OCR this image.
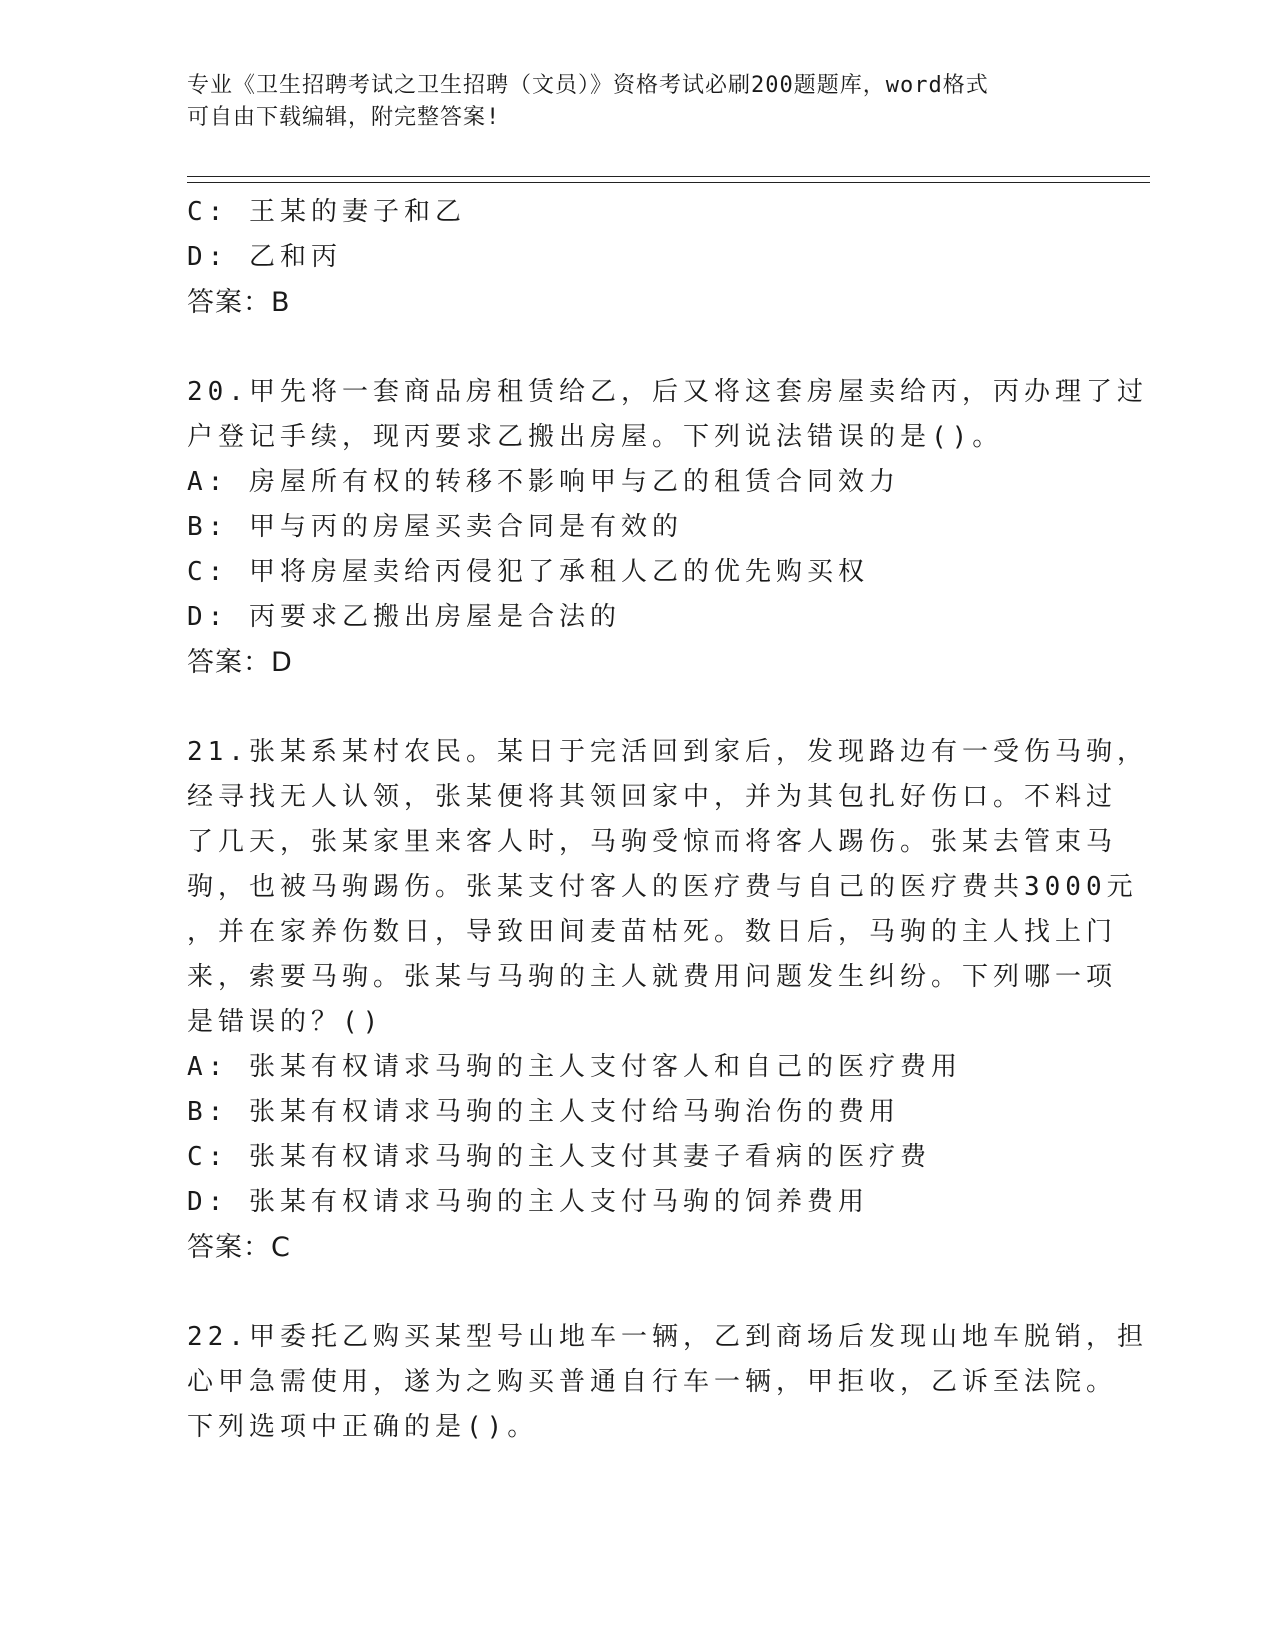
专业《卫生招聘考试之卫生招聘（文员）》资格考试必刷200题题库，word格式
可自由下载编辑，附完整答案!
C: 王某的妻子和乙
D: 乙和丙
答案：B
20.甲先将一套商品房租赁给乙，后又将这套房屋卖给丙，丙办理了过
户登记手续，现丙要求乙搬出房屋。下列说法错误的是()。
A: 房屋所有权的转移不影响甲与乙的租赁合同效力
B: 甲与丙的房屋买卖合同是有效的
C: 甲将房屋卖给丙侵犯了承租人乙的优先购买权
D: 丙要求乙搬出房屋是合法的
答案：D
21.张某系某村农民。某日于完活回到家后，发现路边有一受伤马驹，
经寻找无人认领，张某便将其领回家中，并为其包扎好伤口。不料过
了几天，张某家里来客人时，马驹受惊而将客人踢伤。张某去管束马
驹，也被马驹踢伤。张某支付客人的医疗费与自己的医疗费共3000元
，并在家养伤数日，导致田间麦苗枯死。数日后，马驹的主人找上门
来，索要马驹。张某与马驹的主人就费用问题发生纠纷。下列哪一项
是错误的？()
A: 张某有权请求马驹的主人支付客人和自己的医疗费用
B: 张某有权请求马驹的主人支付给马驹治伤的费用
C: 张某有权请求马驹的主人支付其妻子看病的医疗费
D: 张某有权请求马驹的主人支付马驹的饲养费用
答案：C
22.甲委托乙购买某型号山地车一辆，乙到商场后发现山地车脱销，担
心甲急需使用，遂为之购买普通自行车一辆，甲拒收，乙诉至法院。
下列选项中正确的是()。
